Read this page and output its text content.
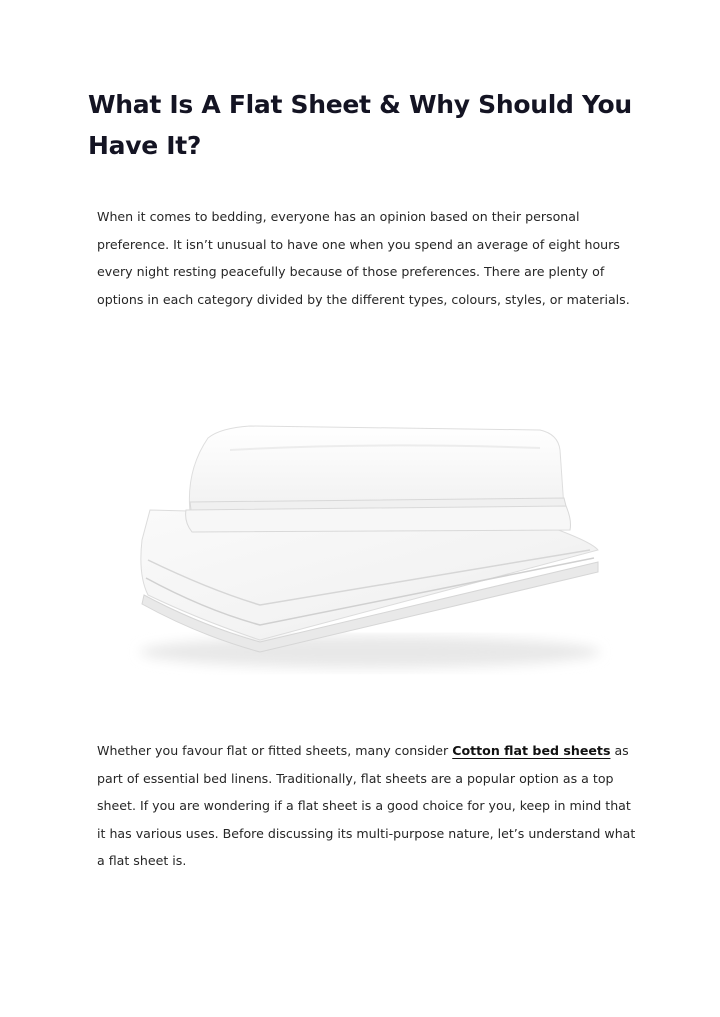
What Is A Flat Sheet & Why Should You Have It?

When it comes to bedding, everyone has an opinion based on their personal preference. It isn’t unusual to have one when you spend an average of eight hours every night resting peacefully because of those preferences. There are plenty of options in each category divided by the different types, colours, styles, or materials.

Whether you favour flat or fitted sheets, many consider Cotton flat bed sheets as part of essential bed linens. Traditionally, flat sheets are a popular option as a top sheet. If you are wondering if a flat sheet is a good choice for you, keep in mind that it has various uses. Before discussing its multi-purpose nature, let’s understand what a flat sheet is.
